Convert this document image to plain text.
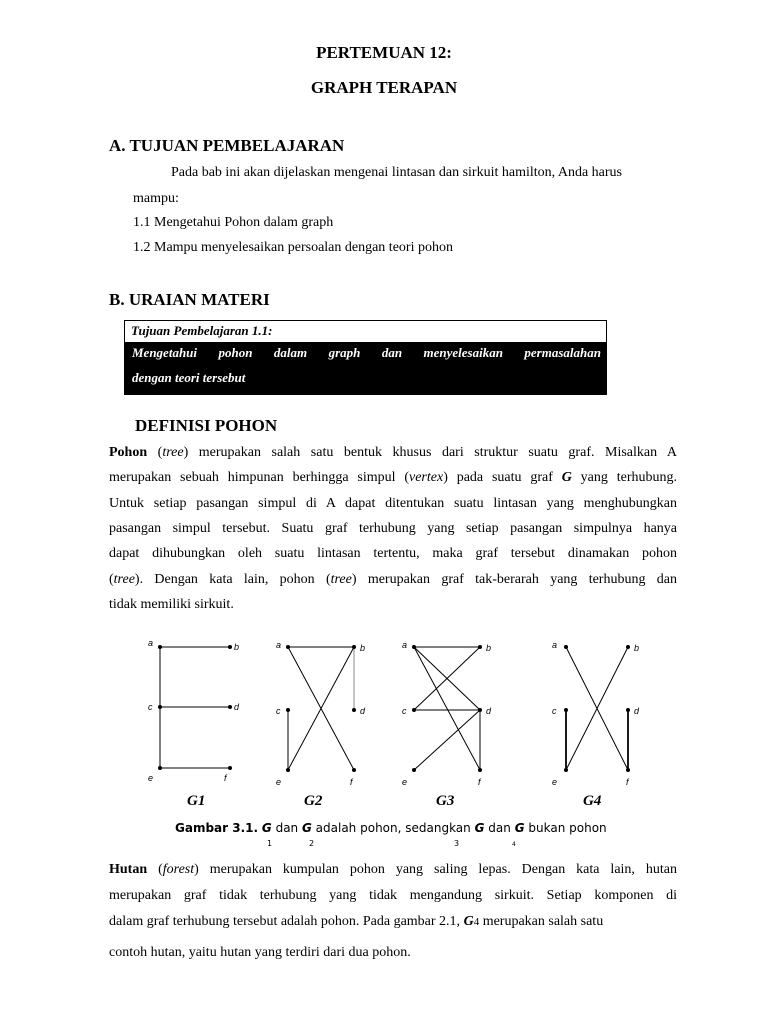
PERTEMUAN 12:
GRAPH TERAPAN
A. TUJUAN PEMBELAJARAN
Pada bab ini akan dijelaskan mengenai lintasan dan sirkuit hamilton, Anda harus
mampu:
1.1 Mengetahui Pohon dalam graph
1.2 Mampu menyelesaikan persoalan dengan teori pohon
B. URAIAN MATERI
Tujuan Pembelajaran 1.1:
Mengetahui pohon dalam graph dan menyelesaikan permasalahan
dengan teori tersebut
DEFINISI POHON
Pohon (tree) merupakan salah satu bentuk khusus dari struktur suatu graf. Misalkan A
merupakan sebuah himpunan berhingga simpul (vertex) pada suatu graf G yang terhubung.
Untuk setiap pasangan simpul di A dapat ditentukan suatu lintasan yang menghubungkan
pasangan simpul tersebut. Suatu graf terhubung yang setiap pasangan simpulnya hanya
dapat dihubungkan oleh suatu lintasan tertentu, maka graf tersebut dinamakan pohon
(tree). Dengan kata lain, pohon (tree) merupakan graf tak-berarah yang terhubung dan
tidak memiliki sirkuit.
a	b
c	d
e	f
a	b
c	d
e	f
a	b
c	d
e	f
a	b
c	d
e	f
G1	G2	G3	G4
Gambar 3.1. G dan G adalah pohon, sedangkan G dan G bukan pohon
1	2	3	4
Hutan (forest) merupakan kumpulan pohon yang saling lepas. Dengan kata lain, hutan
merupakan graf tidak terhubung yang tidak mengandung sirkuit. Setiap komponen di
dalam graf terhubung tersebut adalah pohon. Pada gambar 2.1, G4 merupakan salah satu
contoh hutan, yaitu hutan yang terdiri dari dua pohon.
